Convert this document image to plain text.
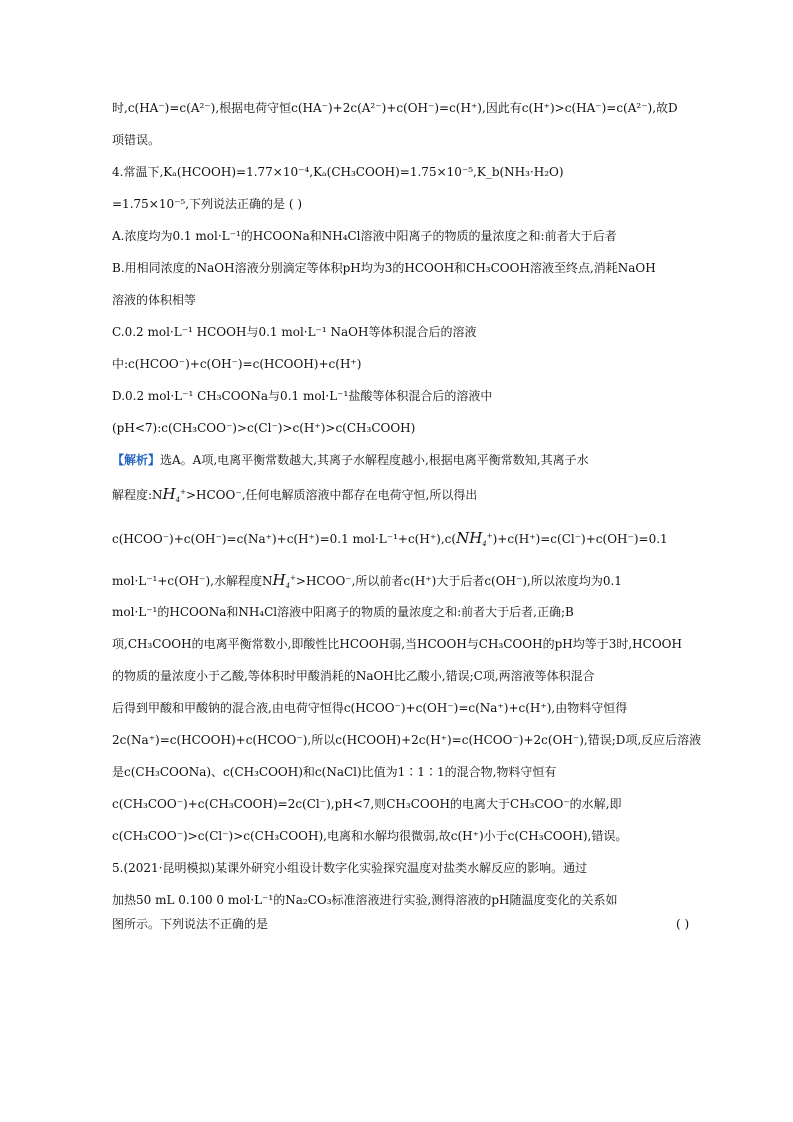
时,c(HA⁻)=c(A²⁻),根据电荷守恒c(HA⁻)+2c(A²⁻)+c(OH⁻)=c(H⁺),因此有c(H⁺)>c(HA⁻)=c(A²⁻),故D
项错误。
4.常温下,Kₐ(HCOOH)=1.77×10⁻⁴,Kₐ(CH₃COOH)=1.75×10⁻⁵,K_b(NH₃·H₂O)
=1.75×10⁻⁵,下列说法正确的是 ( )
A.浓度均为0.1 mol·L⁻¹的HCOONa和NH₄Cl溶液中阳离子的物质的量浓度之和:前者大于后者
B.用相同浓度的NaOH溶液分别滴定等体积pH均为3的HCOOH和CH₃COOH溶液至终点,消耗NaOH
溶液的体积相等
C.0.2 mol·L⁻¹ HCOOH与0.1 mol·L⁻¹ NaOH等体积混合后的溶液
中:c(HCOO⁻)+c(OH⁻)=c(HCOOH)+c(H⁺)
D.0.2 mol·L⁻¹ CH₃COONa与0.1 mol·L⁻¹盐酸等体积混合后的溶液中
(pH<7):c(CH₃COO⁻)>c(Cl⁻)>c(H⁺)>c(CH₃COOH)
【解析】选A。A项,电离平衡常数越大,其离子水解程度越小,根据电离平衡常数知,其离子水
解程度$:NH_4^+>HCOO^-$,任何电解质溶液中都存在电荷守恒,所以得出
c(HCOO⁻)+c(OH⁻)=c(Na⁺)+c(H⁺)=0.1 $mol\cdot L^{-1}+c(H^+),c(NH_4^+)+c(H^+)=c(Cl^-)+c(OH^-)=0.1$
mol·L⁻¹+c(OH⁻),水解程度$NH_4^+>HCOO^-$,所以前者c(H⁺)大于后者c(OH⁻),所以浓度均为0.1
mol·L⁻¹的HCOONa和NH₄Cl溶液中阳离子的物质的量浓度之和:前者大于后者,正确;B
项,CH₃COOH的电离平衡常数小,即酸性比HCOOH弱,当HCOOH与CH₃COOH的pH均等于3时,HCOOH
的物质的量浓度小于乙酸,等体积时甲酸消耗的NaOH比乙酸小,错误;C项,两溶液等体积混合
后得到甲酸和甲酸钠的混合液,由电荷守恒得c(HCOO⁻)+c(OH⁻)=c(Na⁺)+c(H⁺),由物料守恒得
2c(Na⁺)=c(HCOOH)+c(HCOO⁻),所以c(HCOOH)+2c(H⁺)=c(HCOO⁻)+2c(OH⁻),错误;D项,反应后溶液
是c(CH₃COONa)、c(CH₃COOH)和c(NaCl)比值为1∶1∶1的混合物,物料守恒有
c(CH₃COO⁻)+c(CH₃COOH)=2c(Cl⁻),pH<7,则CH₃COOH的电离大于CH₃COO⁻的水解,即
c(CH₃COO⁻)>c(Cl⁻)>c(CH₃COOH),电离和水解均很微弱,故c(H⁺)小于c(CH₃COOH),错误。
5.(2021·昆明模拟)某课外研究小组设计数字化实验探究温度对盐类水解反应的影响。通过
加热50 mL 0.100 0 mol·L⁻¹的Na₂CO₃标准溶液进行实验,测得溶液的pH随温度变化的关系如
图所示。下列说法不正确的是	( )
